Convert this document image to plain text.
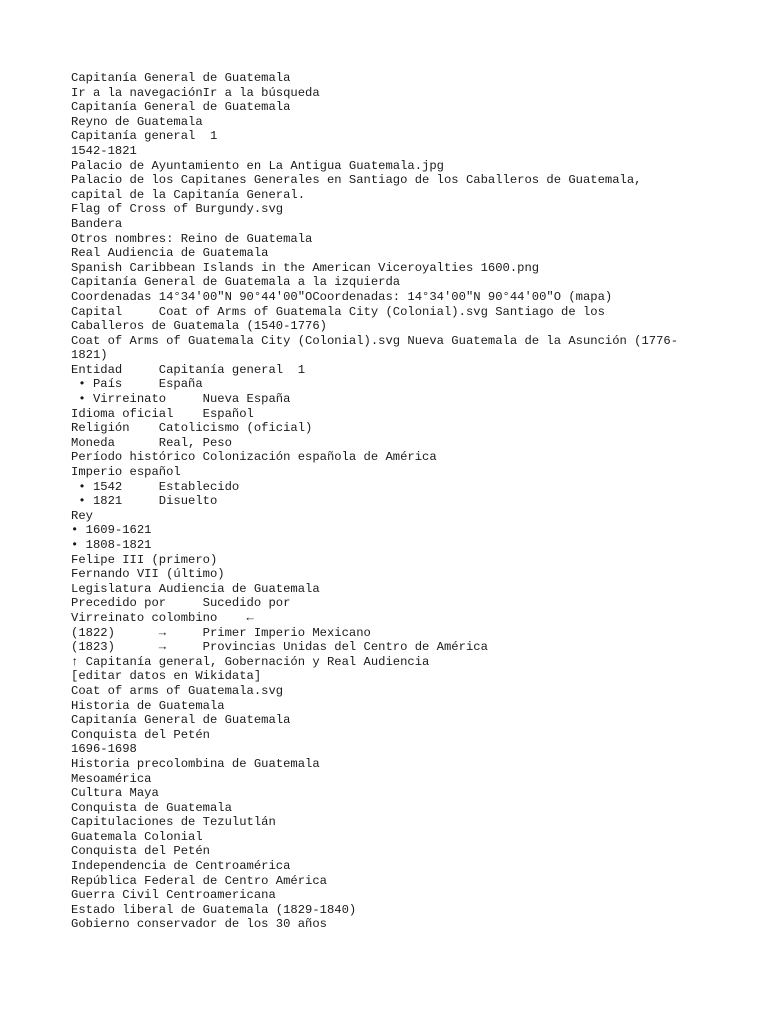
Capitanía General de Guatemala
Ir a la navegaciónIr a la búsqueda
Capitanía General de Guatemala
Reyno de Guatemala
Capitanía general  1
1542-1821
Palacio de Ayuntamiento en La Antigua Guatemala.jpg
Palacio de los Capitanes Generales en Santiago de los Caballeros de Guatemala,
capital de la Capitanía General.
Flag of Cross of Burgundy.svg
Bandera
Otros nombres: Reino de Guatemala
Real Audiencia de Guatemala
Spanish Caribbean Islands in the American Viceroyalties 1600.png
Capitanía General de Guatemala a la izquierda
Coordenadas 14°34′00″N 90°44′00″OCoordenadas: 14°34′00″N 90°44′00″O (mapa)
Capital     Coat of Arms of Guatemala City (Colonial).svg Santiago de los
Caballeros de Guatemala (1540-1776)
Coat of Arms of Guatemala City (Colonial).svg Nueva Guatemala de la Asunción (1776-
1821)
Entidad     Capitanía general  1
• País     España
• Virreinato     Nueva España
Idioma oficial    Español
Religión    Catolicismo (oficial)
Moneda      Real, Peso
Período histórico Colonización española de América
Imperio español
• 1542     Establecido
• 1821     Disuelto
Rey
• 1609-1621
• 1808-1821
Felipe III (primero)
Fernando VII (último)
Legislatura Audiencia de Guatemala
Precedido por     Sucedido por
Virreinato colombino    ←
(1822)      →     Primer Imperio Mexicano
(1823)      →     Provincias Unidas del Centro de América
↑ Capitanía general, Gobernación y Real Audiencia
[editar datos en Wikidata]
Coat of arms of Guatemala.svg
Historia de Guatemala
Capitanía General de Guatemala
Conquista del Petén
1696-1698
Historia precolombina de Guatemala
Mesoamérica
Cultura Maya
Conquista de Guatemala
Capitulaciones de Tezulutlán
Guatemala Colonial
Conquista del Petén
Independencia de Centroamérica
República Federal de Centro América
Guerra Civil Centroamericana
Estado liberal de Guatemala (1829-1840)
Gobierno conservador de los 30 años
